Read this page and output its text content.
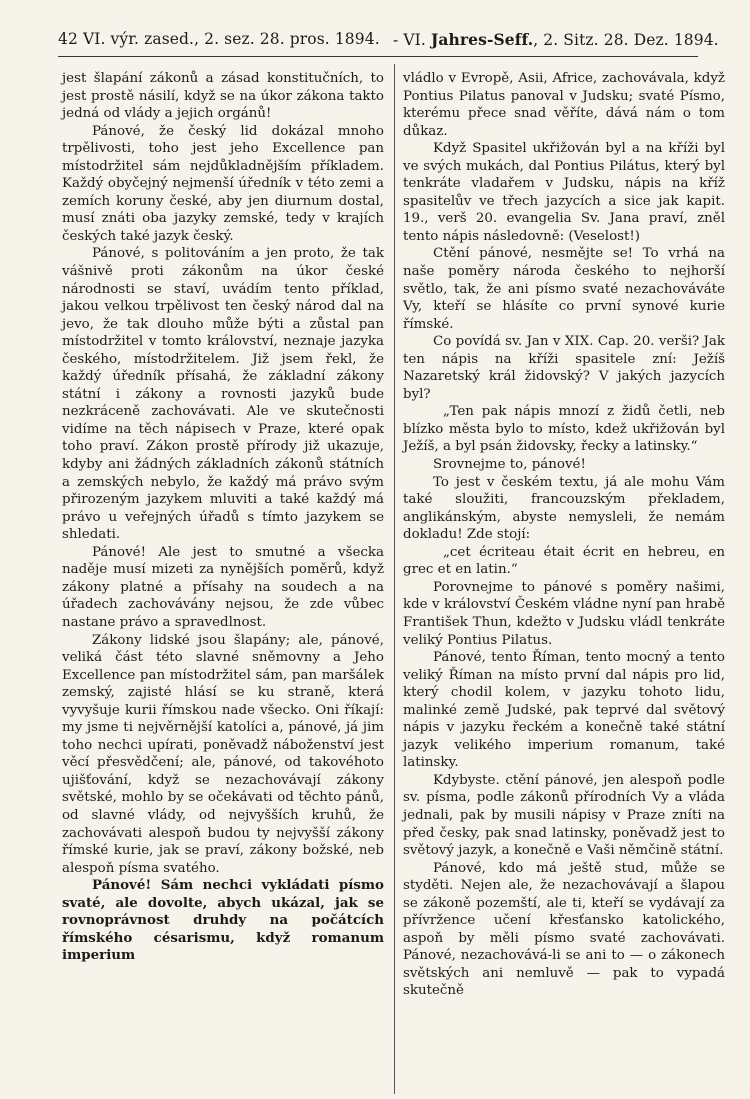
42 VI. výr. zased., 2. sez. 28. pros. 1894. - VI. Jahres-Seff., 2. Sitz. 28. Dez. 1894.

jest šlapání zákonů a zásad konstitučních, to jest prostě násilí, když se na úkor zákona takto jedná od vlády a jejich orgánů!

Pánové, že český lid dokázal mnoho trpělivosti, toho jest jeho Excellence pan místodržitel sám nejdůkladnějším příkladem. Každý obyčejný nejmenší úředník v této zemi a zemích koruny české, aby jen diurnum dostal, musí znáti oba jazyky zemské, tedy v krajích českých také jazyk český.

Pánové, s politováním a jen proto, že tak vášnivě proti zákonům na úkor české národnosti se staví, uvádím tento příklad, jakou velkou trpělivost ten český národ dal na jevo, že tak dlouho může býti a zůstal pan místodržitel v tomto království, neznaje jazyka českého, místodržitelem. Již jsem řekl, že každý úředník přísahá, že základní zákony státní i zákony a rovnosti jazyků bude nezkráceně zachovávati. Ale ve skutečnosti vidíme na těch nápisech v Praze, které opak toho praví. Zákon prostě přírody již ukazuje, kdyby ani žádných základních zákonů státních a zemských nebylo, že každý má právo svým přirozeným jazykem mluviti a také každý má právo u veřejných úřadů s tímto jazykem se shledati.

Pánové! Ale jest to smutné a všecka naděje musí mizeti za nynějších poměrů, když zákony platné a přísahy na soudech a na úřadech zachovávány nejsou, že zde vůbec nastane právo a spravedlnost.

Zákony lidské jsou šlapány; ale, pánové, veliká část této slavné sněmovny a Jeho Excellence pan místodržitel sám, pan maršálek zemský, zajisté hlásí se ku straně, která vyvyšuje kurii římskou nade všecko. Oni říkají: my jsme ti nejvěrnější katolíci a, pánové, já jim toho nechci upírati, poněvadž náboženství jest věcí přesvědčení; ale, pánové, od takovéhoto ujišťování, když se nezachovávají zákony světské, mohlo by se očekávati od těchto pánů, od slavné vlády, od nejvyšších kruhů, že zachovávati alespoň budou ty nejvyšší zákony římské kurie, jak se praví, zákony božské, neb alespoň písma svatého.

Pánové! Sám nechci vykládati písmo svaté, ale dovolte, abych ukázal, jak se rovnoprávnost druhdy na počátcích římského césarismu, když romanum imperium

vládlo v Evropě, Asii, Africe, zachovávala, když Pontius Pilatus panoval v Judsku; svaté Písmo, kterému přece snad věříte, dává nám o tom důkaz.

Když Spasitel ukřižován byl a na kříži byl ve svých mukách, dal Pontius Pilátus, který byl tenkráte vladařem v Judsku, nápis na kříž spasitelův ve třech jazycích a sice jak kapit. 19., verš 20. evangelia Sv. Jana praví, zněl tento nápis následovně: (Veselost!)

Ctění pánové, nesmějte se! To vrhá na naše poměry národa českého to nejhorší světlo, tak, že ani písmo svaté nezachováváte Vy, kteří se hlásíte co první synové kurie římské.

Co povídá sv. Jan v XIX. Cap. 20. verši? Jak ten nápis na kříži spasitele zní: Ježíš Nazaretský král židovský? V jakých jazycích byl?

„Ten pak nápis mnozí z židů četli, neb blízko města bylo to místo, kdež ukřižován byl Ježíš, a byl psán židovsky, řecky a latinsky.“

Srovnejme to, pánové!

To jest v českém textu, já ale mohu Vám také sloužiti, francouzským překladem, anglikánským, abyste nemysleli, že nemám dokladu! Zde stojí:

„cet écriteau était écrit en hebreu, en grec et en latin.“

Porovnejme to pánové s poměry našimi, kde v království Českém vládne nyní pan hrabě František Thun, kdežto v Judsku vládl tenkráte veliký Pontius Pilatus.

Pánové, tento Říman, tento mocný a tento veliký Říman na místo první dal nápis pro lid, který chodil kolem, v jazyku tohoto lidu, malinké země Judské, pak teprvé dal světový nápis v jazyku řeckém a konečně také státní jazyk velikého imperium romanum, také latinsky.

Kdybyste. ctění pánové, jen alespoň podle sv. písma, podle zákonů přírodních Vy a vláda jednali, pak by musili nápisy v Praze zníti na před česky, pak snad latinsky, poněvadž jest to světový jazyk, a konečně e Vaši němčině státní.

Pánové, kdo má ještě stud, může se styděti. Nejen ale, že nezachovávají a šlapou se zákoně pozemští, ale ti, kteří se vydávají za přívržence učení křesťansko katolického, aspoň by měli písmo svaté zachovávati. Pánové, nezachovává-li se ani to — o zákonech světských ani nemluvě — pak to vypadá skutečně
